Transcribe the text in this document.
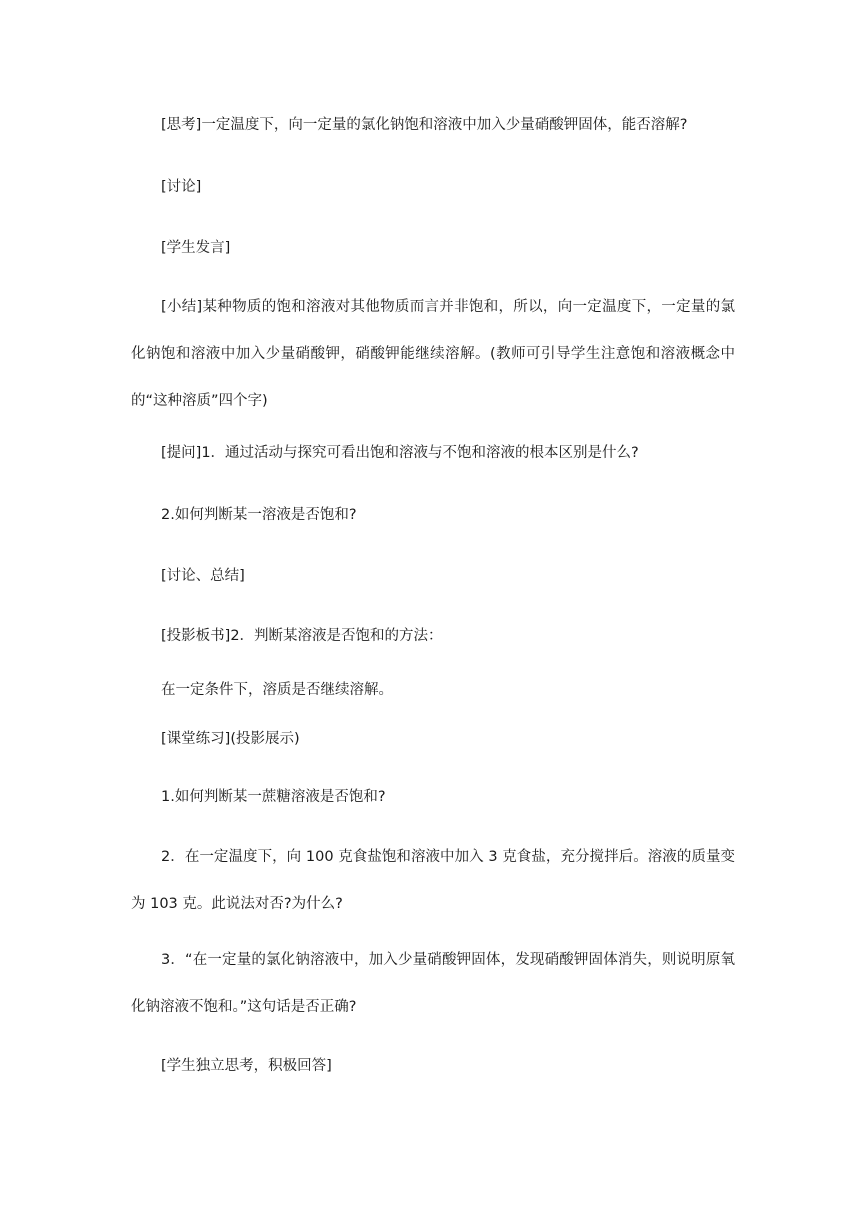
[思考]一定温度下，向一定量的氯化钠饱和溶液中加入少量硝酸钾固体，能否溶解?

[讨论]

[学生发言]

[小结]某种物质的饱和溶液对其他物质而言并非饱和，所以，向一定温度下，一定量的氯化钠饱和溶液中加入少量硝酸钾，硝酸钾能继续溶解。(教师可引导学生注意饱和溶液概念中的“这种溶质”四个字)

[提问]1．通过活动与探究可看出饱和溶液与不饱和溶液的根本区别是什么?

2.如何判断某一溶液是否饱和?

[讨论、总结]

[投影板书]2．判断某溶液是否饱和的方法：

在一定条件下，溶质是否继续溶解。

[课堂练习](投影展示)

1.如何判断某一蔗糖溶液是否饱和?

2．在一定温度下，向 100 克食盐饱和溶液中加入 3 克食盐，充分搅拌后。溶液的质量变为 103 克。此说法对否?为什么?

3．“在一定量的氯化钠溶液中，加入少量硝酸钾固体，发现硝酸钾固体消失，则说明原氧化钠溶液不饱和。”这句话是否正确?

[学生独立思考，积极回答]
